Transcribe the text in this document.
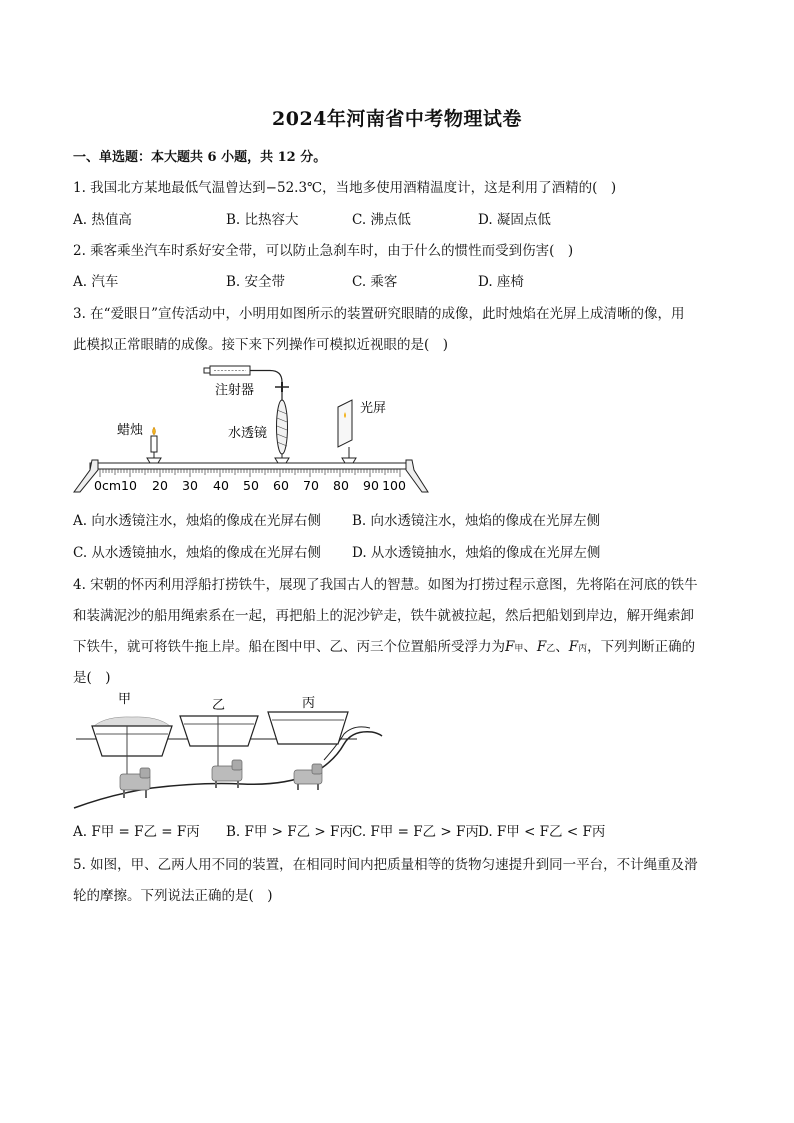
2024年河南省中考物理试卷
一、单选题：本大题共 6 小题，共 12 分。
1. 我国北方某地最低气温曾达到−52.3℃，当地多使用酒精温度计，这是利用了酒精的(　)
A. 热值高	B. 比热容大	C. 沸点低	D. 凝固点低
2. 乘客乘坐汽车时系好安全带，可以防止急刹车时，由于什么的惯性而受到伤害(　)
A. 汽车	B. 安全带	C. 乘客	D. 座椅
3. 在“爱眼日”宣传活动中，小明用如图所示的装置研究眼睛的成像，此时烛焰在光屏上成清晰的像，用
此模拟正常眼睛的成像。接下来下列操作可模拟近视眼的是(　)
注射器
水透镜
蜡烛
光屏
0cm10 20 30 40 50 60 70 80 90 100
A. 向水透镜注水，烛焰的像成在光屏右侧 B. 向水透镜注水，烛焰的像成在光屏左侧
C. 从水透镜抽水，烛焰的像成在光屏右侧 D. 从水透镜抽水，烛焰的像成在光屏左侧
4. 宋朝的怀丙利用浮船打捞铁牛，展现了我国古人的智慧。如图为打捞过程示意图，先将陷在河底的铁牛
和装满泥沙的船用绳索系在一起，再把船上的泥沙铲走，铁牛就被拉起，然后把船划到岸边，解开绳索卸
下铁牛，就可将铁牛拖上岸。船在图中甲、乙、丙三个位置船所受浮力为F甲、F乙、F丙，下列判断正确的
是(　)
甲	乙	丙
A. F甲 = F乙 = F丙 B. F甲 > F乙 > F丙 C. F甲 = F乙 > F丙 D. F甲 < F乙 < F丙
5. 如图，甲、乙两人用不同的装置，在相同时间内把质量相等的货物匀速提升到同一平台，不计绳重及滑
轮的摩擦。下列说法正确的是(　)
